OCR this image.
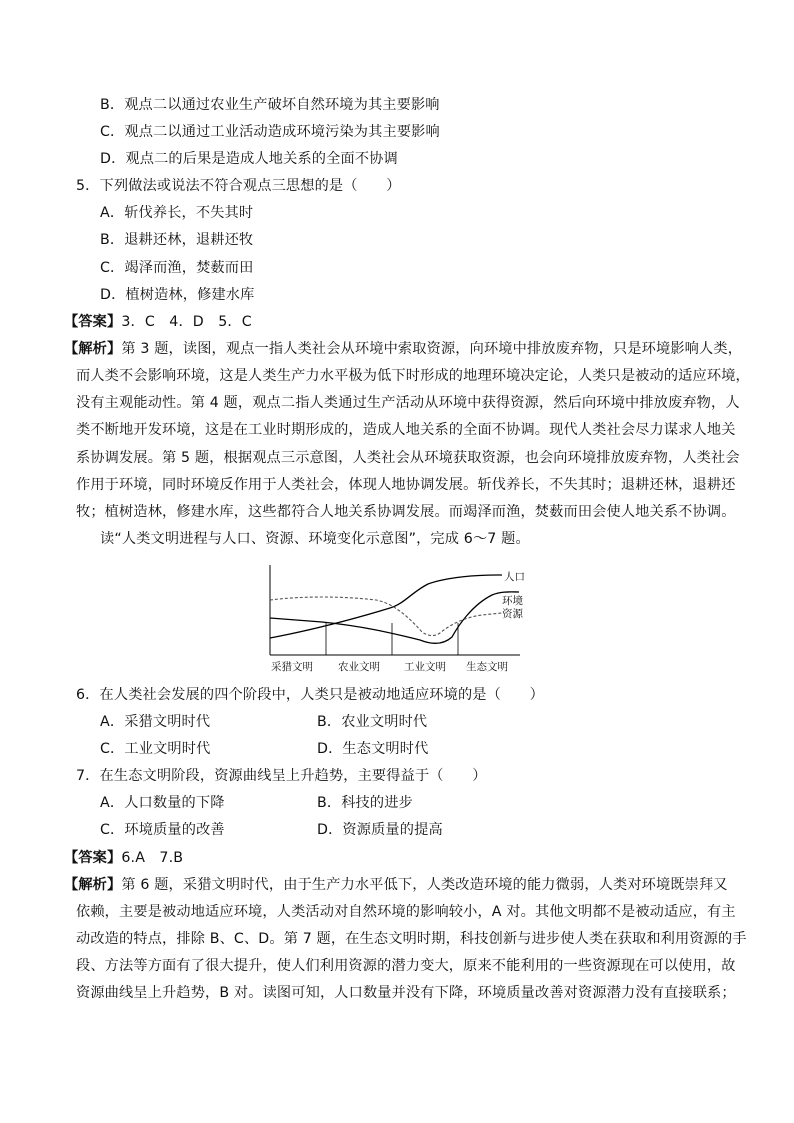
B．观点二以通过农业生产破坏自然环境为其主要影响
C．观点二以通过工业活动造成环境污染为其主要影响
D．观点二的后果是造成人地关系的全面不协调
5．下列做法或说法不符合观点三思想的是（　　）
A．斩伐养长，不失其时
B．退耕还林，退耕还牧
C．竭泽而渔，焚薮而田
D．植树造林，修建水库
【答案】3．C　4．D　5．C
【解析】第 3 题，读图，观点一指人类社会从环境中索取资源，向环境中排放废弃物，只是环境影响人类，
而人类不会影响环境，这是人类生产力水平极为低下时形成的地理环境决定论，人类只是被动的适应环境，
没有主观能动性。第 4 题，观点二指人类通过生产活动从环境中获得资源，然后向环境中排放废弃物，人
类不断地开发环境，这是在工业时期形成的，造成人地关系的全面不协调。现代人类社会尽力谋求人地关
系协调发展。第 5 题，根据观点三示意图，人类社会从环境获取资源，也会向环境排放废弃物，人类社会
作用于环境，同时环境反作用于人类社会，体现人地协调发展。斩伐养长，不失其时；退耕还林，退耕还
牧；植树造林，修建水库，这些都符合人地关系协调发展。而竭泽而渔，焚薮而田会使人地关系不协调。
读“人类文明进程与人口、资源、环境变化示意图”，完成 6～7 题。
人口
环境
资源
采猎文明 农业文明 工业文明 生态文明
6．在人类社会发展的四个阶段中，人类只是被动地适应环境的是（　　）
A．采猎文明时代	B．农业文明时代
C．工业文明时代	D．生态文明时代
7．在生态文明阶段，资源曲线呈上升趋势，主要得益于（　　）
A．人口数量的下降	B．科技的进步
C．环境质量的改善	D．资源质量的提高
【答案】6.A　7.B
【解析】第 6 题，采猎文明时代，由于生产力水平低下，人类改造环境的能力微弱，人类对环境既崇拜又
依赖，主要是被动地适应环境，人类活动对自然环境的影响较小，A 对。其他文明都不是被动适应，有主
动改造的特点，排除 B、C、D。第 7 题，在生态文明时期，科技创新与进步使人类在获取和利用资源的手
段、方法等方面有了很大提升，使人们利用资源的潜力变大，原来不能利用的一些资源现在可以使用，故
资源曲线呈上升趋势，B 对。读图可知，人口数量并没有下降，环境质量改善对资源潜力没有直接联系；
